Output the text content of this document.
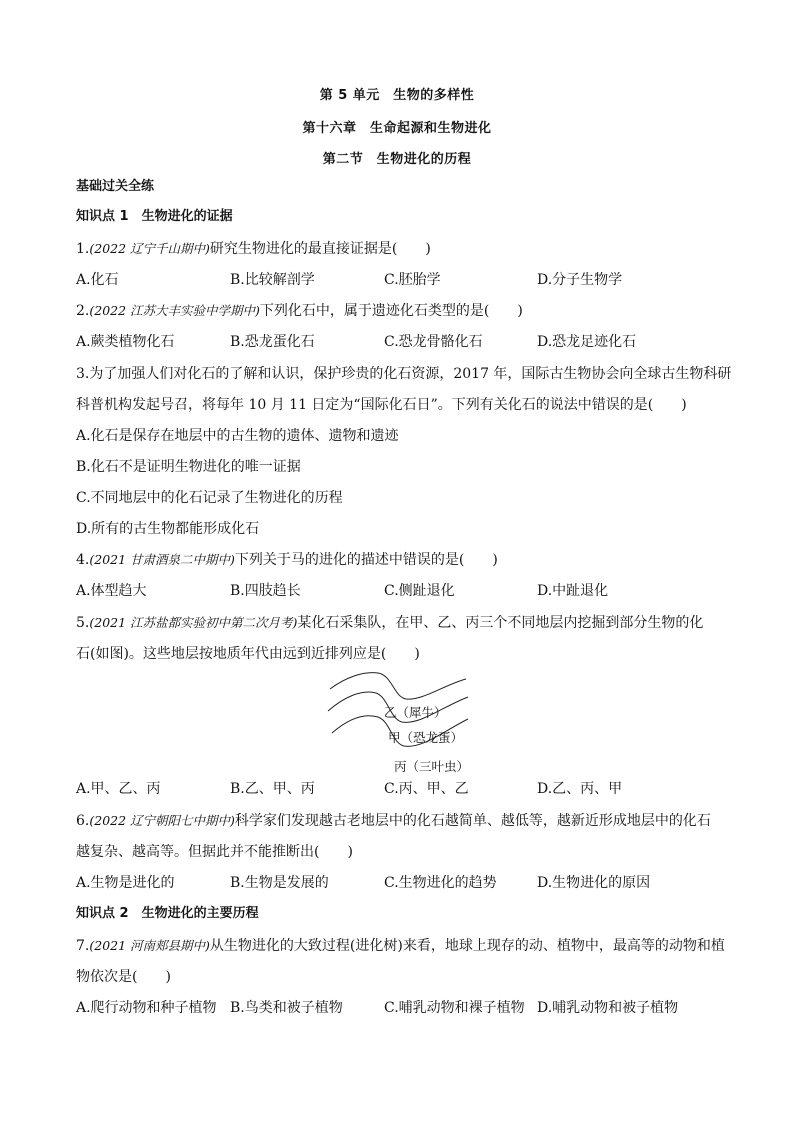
第 5 单元　生物的多样性
第十六章　生命起源和生物进化
第二节　生物进化的历程
基础过关全练
知识点 1　生物进化的证据
1.(2022 辽宁千山期中)研究生物进化的最直接证据是(　　)
A.化石	B.比较解剖学	C.胚胎学	D.分子生物学
2.(2022 江苏大丰实验中学期中)下列化石中，属于遗迹化石类型的是(　　)
A.蕨类植物化石	B.恐龙蛋化石	C.恐龙骨骼化石	D.恐龙足迹化石
3.为了加强人们对化石的了解和认识，保护珍贵的化石资源，2017 年，国际古生物协会向全球古生物科研
科普机构发起号召，将每年 10 月 11 日定为“国际化石日”。下列有关化石的说法中错误的是(　　)
A.化石是保存在地层中的古生物的遗体、遗物和遗迹
B.化石不是证明生物进化的唯一证据
C.不同地层中的化石记录了生物进化的历程
D.所有的古生物都能形成化石
4.(2021 甘肃酒泉二中期中)下列关于马的进化的描述中错误的是(　　)
A.体型趋大	B.四肢趋长	C.侧趾退化	D.中趾退化
5.(2021 江苏盐都实验初中第二次月考)某化石采集队，在甲、乙、丙三个不同地层内挖掘到部分生物的化
石(如图)。这些地层按地质年代由远到近排列应是(　　)
乙（犀牛）
甲（恐龙蛋）
丙（三叶虫）
A.甲、乙、丙	B.乙、甲、丙	C.丙、甲、乙	D.乙、丙、甲
6.(2022 辽宁朝阳七中期中)科学家们发现越古老地层中的化石越简单、越低等，越新近形成地层中的化石
越复杂、越高等。但据此并不能推断出(　　)
A.生物是进化的	B.生物是发展的	C.生物进化的趋势	D.生物进化的原因
知识点 2　生物进化的主要历程
7.(2021 河南郏县期中)从生物进化的大致过程(进化树)来看，地球上现存的动、植物中，最高等的动物和植
物依次是(　　)
A.爬行动物和种子植物 B.鸟类和被子植物	C.哺乳动物和裸子植物 D.哺乳动物和被子植物
